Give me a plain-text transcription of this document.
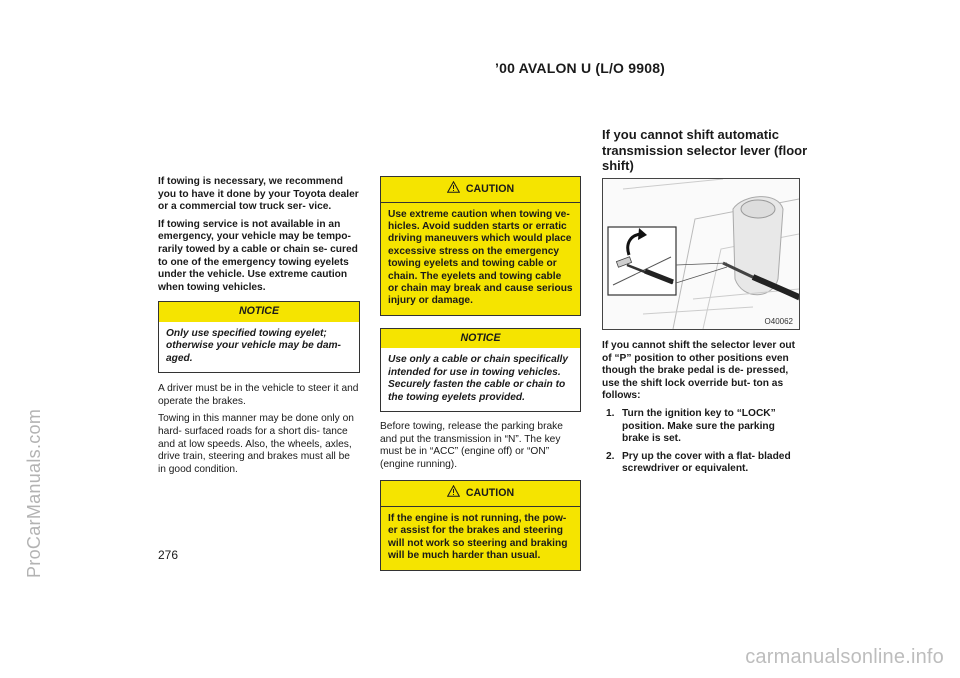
’00 AVALON U (L/O 9908)
ProCarManuals.com

If towing is necessary, we recommend you to have it done by your Toyota dealer or a commercial tow truck ser- vice.

If towing service is not available in an emergency, your vehicle may be tempo- rarily towed by a cable or chain se- cured to one of the emergency towing eyelets under the vehicle. Use extreme caution when towing vehicles.

NOTICE
Only use specified towing eyelet; otherwise your vehicle may be dam- aged.

A driver must be in the vehicle to steer it and operate the brakes.

Towing in this manner may be done only on hard- surfaced roads for a short dis- tance and at low speeds. Also, the wheels, axles, drive train, steering and brakes must all be in good condition.

CAUTION
Use extreme caution when towing ve- hicles. Avoid sudden starts or erratic driving maneuvers which would place excessive stress on the emergency towing eyelets and towing cable or chain. The eyelets and towing cable or chain may break and cause serious injury or damage.
NOTICE
Use only a cable or chain specifically intended for use in towing vehicles. Securely fasten the cable or chain to the towing eyelets provided.

Before towing, release the parking brake and put the transmission in “N”. The key must be in “ACC” (engine off) or “ON” (engine running).

CAUTION
If the engine is not running, the pow- er assist for the brakes and steering will not work so steering and braking will be much harder than usual.
If you cannot shift automatic transmission selector lever (floor shift)
O40062

If you cannot shift the selector lever out of “P” position to other positions even though the brake pedal is de- pressed, use the shift lock override but- ton as follows:

1. Turn the ignition key to “LOCK” position. Make sure the parking brake is set.
2. Pry up the cover with a flat- bladed screwdriver or equivalent.
276
carmanualsonline.info
